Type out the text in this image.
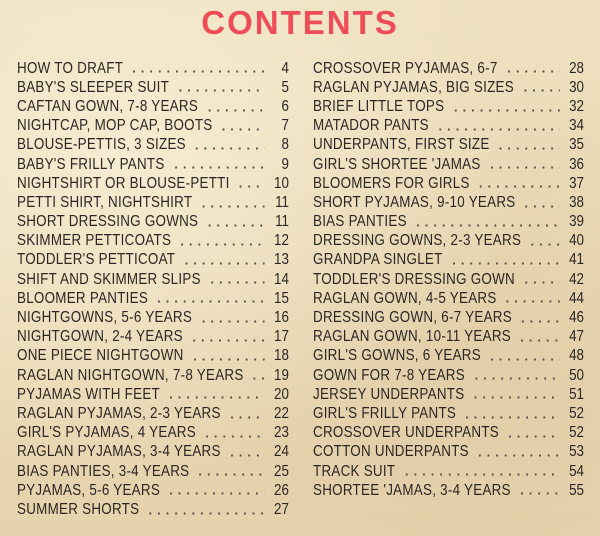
CONTENTS
HOW TO DRAFT	4
BABY'S SLEEPER SUIT	5
CAFTAN GOWN, 7-8 YEARS	6
NIGHTCAP, MOP CAP, BOOTS	7
BLOUSE-PETTIS, 3 SIZES	8
BABY'S FRILLY PANTS	9
NIGHTSHIRT OR BLOUSE-PETTI	10
PETTI SHIRT, NIGHTSHIRT	11
SHORT DRESSING GOWNS	11
SKIMMER PETTICOATS	12
TODDLER'S PETTICOAT	13
SHIFT AND SKIMMER SLIPS	14
BLOOMER PANTIES	15
NIGHTGOWNS, 5-6 YEARS	16
NIGHTGOWN, 2-4 YEARS	17
ONE PIECE NIGHTGOWN	18
RAGLAN NIGHTGOWN, 7-8 YEARS 19
PYJAMAS WITH FEET	20
RAGLAN PYJAMAS, 2-3 YEARS	22
GIRL'S PYJAMAS, 4 YEARS	23
RAGLAN PYJAMAS, 3-4 YEARS	24
BIAS PANTIES, 3-4 YEARS	25
PYJAMAS, 5-6 YEARS	26
SUMMER SHORTS	27
CROSSOVER PYJAMAS, 6-7	28
RAGLAN PYJAMAS, BIG SIZES	30
BRIEF LITTLE TOPS	32
MATADOR PANTS	34
UNDERPANTS, FIRST SIZE	35
GIRL'S SHORTEE 'JAMAS	36
BLOOMERS FOR GIRLS	37
SHORT PYJAMAS, 9-10 YEARS	38
BIAS PANTIES	39
DRESSING GOWNS, 2-3 YEARS	40
GRANDPA SINGLET	41
TODDLER'S DRESSING GOWN	42
RAGLAN GOWN, 4-5 YEARS	44
DRESSING GOWN, 6-7 YEARS	46
RAGLAN GOWN, 10-11 YEARS	47
GIRL'S GOWNS, 6 YEARS	48
GOWN FOR 7-8 YEARS	50
JERSEY UNDERPANTS	51
GIRL'S FRILLY PANTS	52
CROSSOVER UNDERPANTS	52
COTTON UNDERPANTS	53
TRACK SUIT	54
SHORTEE 'JAMAS, 3-4 YEARS	55
